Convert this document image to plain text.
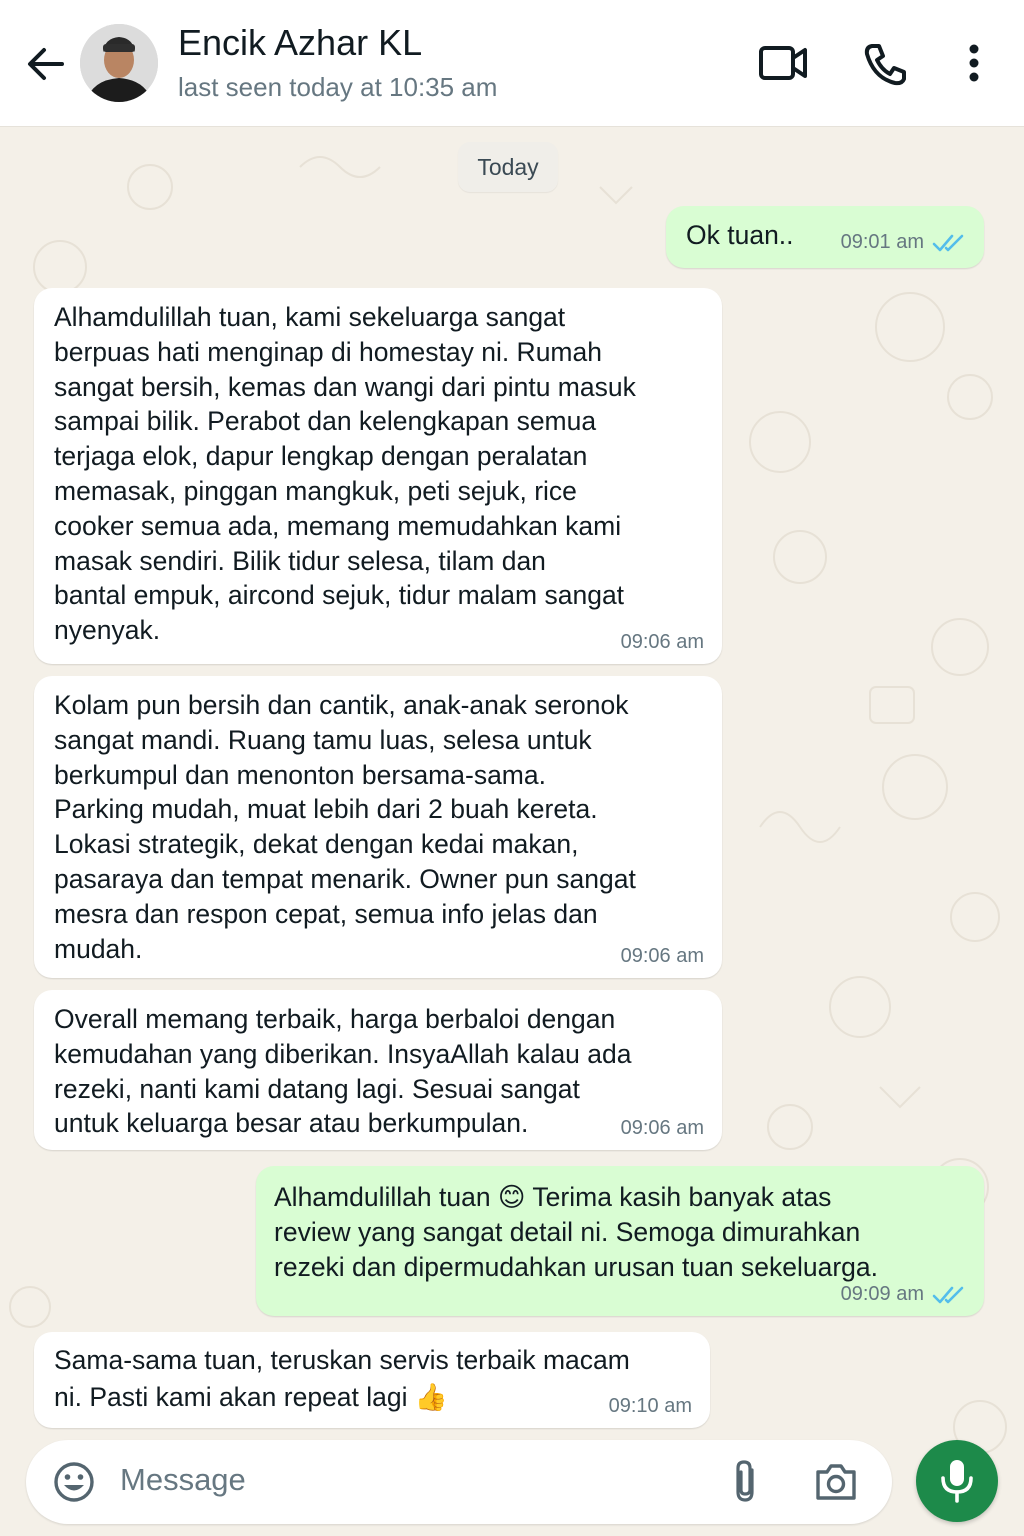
Encik Azhar KL
last seen today at 10:35 am
Today
Ok tuan.. 09:01 am
Alhamdulillah tuan, kami sekeluarga sangat
berpuas hati menginap di homestay ni. Rumah
sangat bersih, kemas dan wangi dari pintu masuk
sampai bilik. Perabot dan kelengkapan semua
terjaga elok, dapur lengkap dengan peralatan
memasak, pinggan mangkuk, peti sejuk, rice
cooker semua ada, memang memudahkan kami
masak sendiri. Bilik tidur selesa, tilam dan
bantal empuk, aircond sejuk, tidur malam sangat
nyenyak.	09:06 am
Kolam pun bersih dan cantik, anak-anak seronok
sangat mandi. Ruang tamu luas, selesa untuk
berkumpul dan menonton bersama-sama.
Parking mudah, muat lebih dari 2 buah kereta.
Lokasi strategik, dekat dengan kedai makan,
pasaraya dan tempat menarik. Owner pun sangat
mesra dan respon cepat, semua info jelas dan
mudah.	09:06 am
Overall memang terbaik, harga berbaloi dengan
kemudahan yang diberikan. InsyaAllah kalau ada
rezeki, nanti kami datang lagi. Sesuai sangat
untuk keluarga besar atau berkumpulan.	09:06 am
Alhamdulillah tuan 😊 Terima kasih banyak atas
review yang sangat detail ni. Semoga dimurahkan
rezeki dan dipermudahkan urusan tuan sekeluarga.
09:09 am
Sama-sama tuan, teruskan servis terbaik macam
ni. Pasti kami akan repeat lagi 👍	09:10 am
Message
